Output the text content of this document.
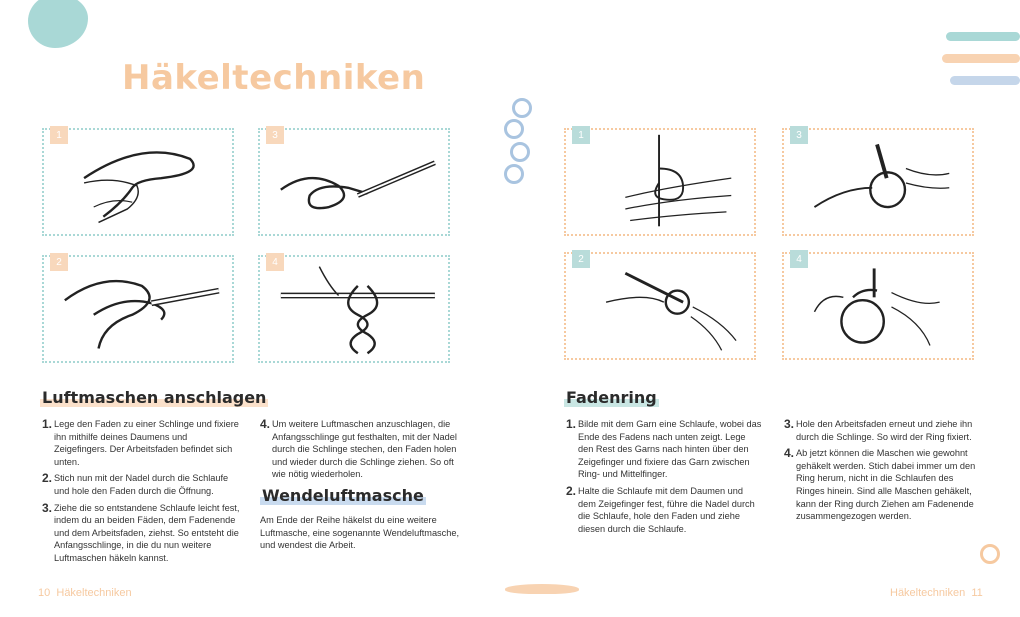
Häkeltechniken
1	3
2	4
Luftmaschen anschlagen
1. Lege den Faden zu einer Schlinge und fixiere ihn mithilfe deines Daumens und Zeigefingers. Der Arbeitsfaden befindet sich unten.
2. Stich nun mit der Nadel durch die Schlaufe und hole den Faden durch die Öffnung.
3. Ziehe die so entstandene Schlaufe leicht fest, indem du an beiden Fäden, dem Fadenende und dem Arbeitsfaden, ziehst. So entsteht die Anfangsschlinge, in die du nun weitere Luftmaschen häkeln kannst.
4. Um weitere Luftmaschen anzuschlagen, die Anfangsschlinge gut festhalten, mit der Nadel durch die Schlinge stechen, den Faden holen und wieder durch die Schlinge ziehen. So oft wie nötig wiederholen.
Wendeluftmasche
Am Ende der Reihe häkelst du eine weitere Luftmasche, eine sogenannte Wendeluftmasche, und wendest die Arbeit.
10 Häkeltechniken
1	3
2	4
Fadenring
1. Bilde mit dem Garn eine Schlaufe, wobei das Ende des Fadens nach unten zeigt. Lege den Rest des Garns nach hinten über den Zeigefinger und fixiere das Garn zwischen Ring- und Mittelfinger.
2. Halte die Schlaufe mit dem Daumen und dem Zeigefinger fest, führe die Nadel durch die Schlaufe, hole den Faden und ziehe diesen durch die Schlaufe.
3. Hole den Arbeitsfaden erneut und ziehe ihn durch die Schlinge. So wird der Ring fixiert.
4. Ab jetzt können die Maschen wie gewohnt gehäkelt werden. Stich dabei immer um den Ring herum, nicht in die Schlaufen des Ringes hinein. Sind alle Maschen gehäkelt, kann der Ring durch Ziehen am Fadenende zusammengezogen werden.
Häkeltechniken 11
